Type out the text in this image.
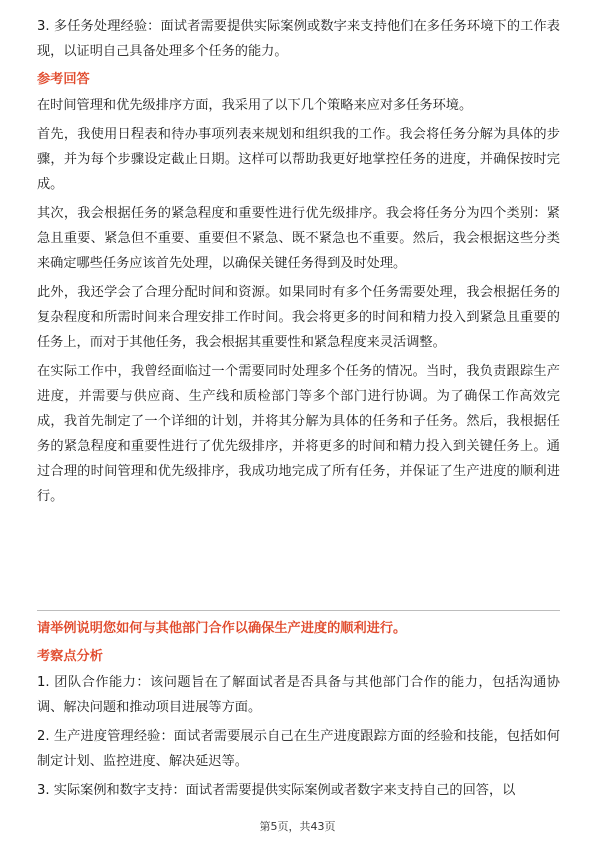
3. 多任务处理经验：面试者需要提供实际案例或数字来支持他们在多任务环境下的工作表现，以证明自己具备处理多个任务的能力。

参考回答

在时间管理和优先级排序方面，我采用了以下几个策略来应对多任务环境。

首先，我使用日程表和待办事项列表来规划和组织我的工作。我会将任务分解为具体的步骤，并为每个步骤设定截止日期。这样可以帮助我更好地掌控任务的进度，并确保按时完成。

其次，我会根据任务的紧急程度和重要性进行优先级排序。我会将任务分为四个类别：紧急且重要、紧急但不重要、重要但不紧急、既不紧急也不重要。然后，我会根据这些分类来确定哪些任务应该首先处理，以确保关键任务得到及时处理。

此外，我还学会了合理分配时间和资源。如果同时有多个任务需要处理，我会根据任务的复杂程度和所需时间来合理安排工作时间。我会将更多的时间和精力投入到紧急且重要的任务上，而对于其他任务，我会根据其重要性和紧急程度来灵活调整。

在实际工作中，我曾经面临过一个需要同时处理多个任务的情况。当时，我负责跟踪生产进度，并需要与供应商、生产线和质检部门等多个部门进行协调。为了确保工作高效完成，我首先制定了一个详细的计划，并将其分解为具体的任务和子任务。然后，我根据任务的紧急程度和重要性进行了优先级排序，并将更多的时间和精力投入到关键任务上。通过合理的时间管理和优先级排序，我成功地完成了所有任务，并保证了生产进度的顺利进行。

请举例说明您如何与其他部门合作以确保生产进度的顺利进行。
考察点分析

1. 团队合作能力：该问题旨在了解面试者是否具备与其他部门合作的能力，包括沟通协调、解决问题和推动项目进展等方面。

2. 生产进度管理经验：面试者需要展示自己在生产进度跟踪方面的经验和技能，包括如何制定计划、监控进度、解决延迟等。

3. 实际案例和数字支持：面试者需要提供实际案例或者数字来支持自己的回答，以

第5页，共43页
